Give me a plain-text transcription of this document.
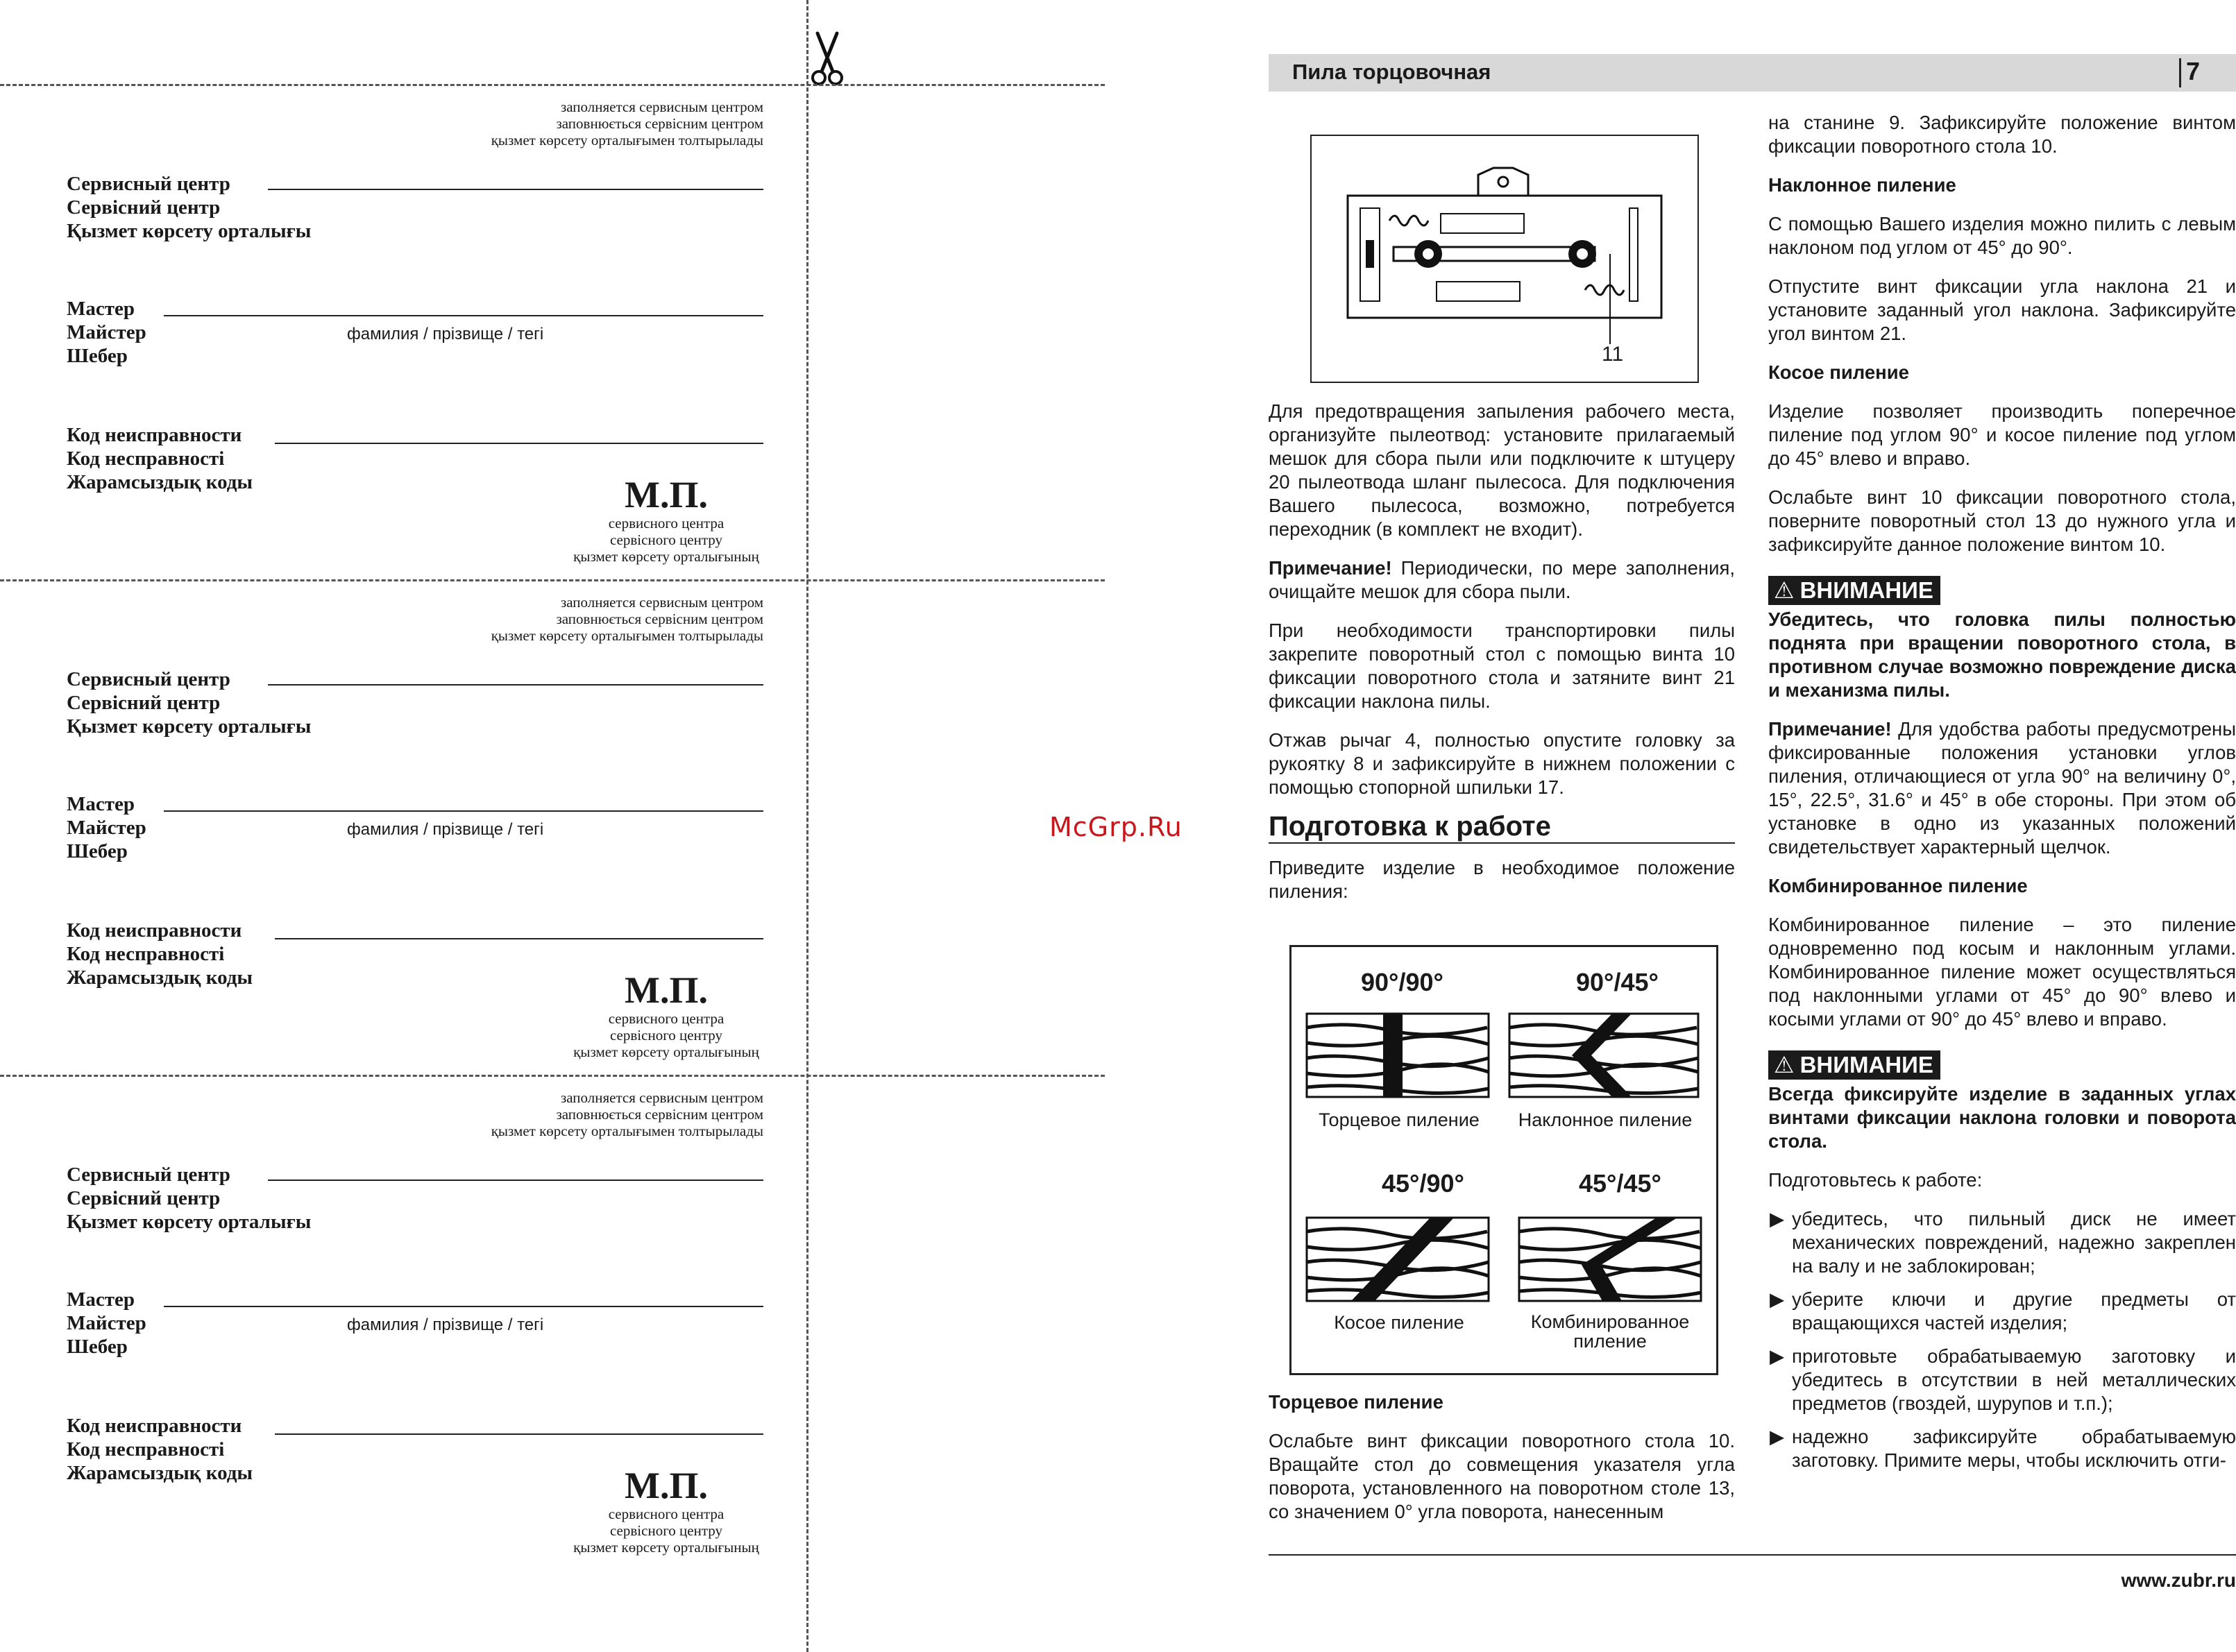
заполняется сервисным центром
заповнюється сервісним центром
қызмет көрсету орталығымен толтырылады
Сервисный центр
Сервісний центр
Қызмет көрсету орталығы
Мастер
Майстер
Шебер
фамилия / прізвище / тегі
Код неисправности
Код несправності
Жарамсыздық коды	М.П.
сервисного центра
сервісного центру
қызмет көрсету орталығының
заполняется сервисным центром
заповнюється сервісним центром
қызмет көрсету орталығымен толтырылады
Сервисный центр
Сервісний центр
Қызмет көрсету орталығы
Мастер
Майстер
Шебер
фамилия / прізвище / тегі
Код неисправности
Код несправності
Жарамсыздық коды	М.П.
сервисного центра
сервісного центру
қызмет көрсету орталығының
заполняется сервисным центром
заповнюється сервісним центром
қызмет көрсету орталығымен толтырылады
Сервисный центр
Сервісний центр
Қызмет көрсету орталығы
Мастер
Майстер
Шебер
фамилия / прізвище / тегі
Код неисправности
Код несправності
Жарамсыздық коды	М.П.
сервисного центра
сервісного центру
қызмет көрсету орталығының
McGrp.Ru
Пила торцовочная	7
11

Для предотвращения запыления рабочего места, организуйте пылеотвод: установите прилагаемый мешок для сбора пыли или подключите к штуцеру 20 пылеотвода шланг пылесоса. Для подключения Вашего пылесоса, возможно, потребуется переходник (в комплект не входит).

Примечание! Периодически, по мере заполнения, очищайте мешок для сбора пыли.

При необходимости транспортировки пилы закрепите поворотный стол с помощью винта 10 фиксации поворотного стола и затяните винт 21 фиксации наклона пилы.

Отжав рычаг 4, полностью опустите головку за рукоятку 8 и зафиксируйте в нижнем положении с помощью стопорной шпильки 17.

Подготовка к работе

Приведите изделие в необходимое положение пиления:

90°/90°	90°/45°
45°/90°	45°/45°
Торцевое пиление	Наклонное пиление
Косое пиление	Комбинированное пиление
Торцевое пиление

Ослабьте винт фиксации поворотного стола 10. Вращайте стол до совмещения указателя угла поворота, установленного на поворотном столе 13, со значением 0° угла поворота, нанесенным

на станине 9. Зафиксируйте положение винтом фиксации поворотного стола 10.

Наклонное пиление

С помощью Вашего изделия можно пилить с левым наклоном под углом от 45° до 90°.

Отпустите винт фиксации угла наклона 21 и установите заданный угол наклона. Зафиксируйте угол винтом 21.

Косое пиление

Изделие позволяет производить поперечное пиление под углом 90° и косое пиление под углом до 45° влево и вправо.

Ослабьте винт 10 фиксации поворотного стола, поверните поворотный стол 13 до нужного угла и зафиксируйте данное положение винтом 10.

⚠ ВНИМАНИЕ

Убедитесь, что головка пилы полностью поднята при вращении поворотного стола, в противном случае возможно повреждение диска и механизма пилы.

Примечание! Для удобства работы предусмотрены фиксированные положения установки углов пиления, отличающиеся от угла 90° на величину 0°, 15°, 22.5°, 31.6° и 45° в обе стороны. При этом об установке в одно из указанных положений свидетельствует характерный щелчок.

Комбинированное пиление

Комбинированное пиление – это пиление одновременно под косым и наклонным углами. Комбинированное пиление может осуществляться под наклонными углами от 45° до 90° влево и косыми углами от 90° до 45° влево и вправо.

⚠ ВНИМАНИЕ

Всегда фиксируйте изделие в заданных углах винтами фиксации наклона головки и поворота стола.

Подготовьтесь к работе:

▶ убедитесь, что пильный диск не имеет механических повреждений, надежно закреплен на валу и не заблокирован;
▶ уберите ключи и другие предметы от вращающихся частей изделия;
▶ приготовьте обрабатываемую заготовку и убедитесь в отсутствии в ней металлических предметов (гвоздей, шурупов и т.п.);
▶ надежно зафиксируйте обрабатываемую заготовку. Примите меры, чтобы исключить отги-
www.zubr.ru
